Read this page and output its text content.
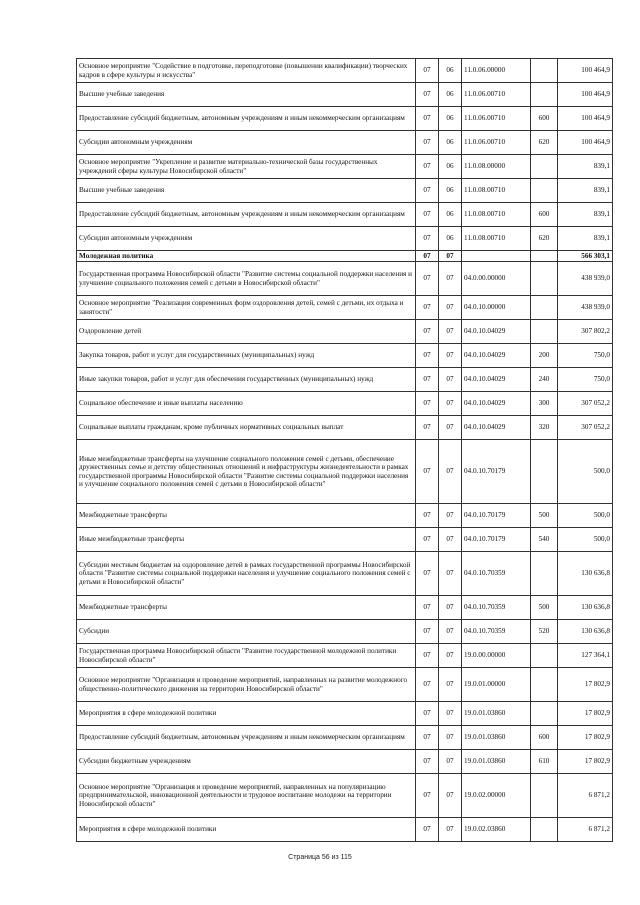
Основное мероприятие "Содействие в подготовке, переподготовке (повышении квалификации) творческих кадров в сфере культуры и искусства"	07	06	11.0.06.00000		100 464,9
Высшие учебные заведения	07	06	11.0.06.00710		100 464,9
Предоставление субсидий бюджетным, автономным учреждениям и иным некоммерческим организациям	07	06	11.0.06.00710	600	100 464,9
Субсидии автономным учреждениям	07	06	11.0.06.00710	620	100 464,9
Основное мероприятие "Укрепление и развитие материально-технической базы государственных учреждений сферы культуры Новосибирской области"	07	06	11.0.08.00000		839,1
Высшие учебные заведения	07	06	11.0.08.00710		839,1
Предоставление субсидий бюджетным, автономным учреждениям и иным некоммерческим организациям	07	06	11.0.08.00710	600	839,1
Субсидии автономным учреждениям	07	06	11.0.08.00710	620	839,1
Молодежная политика	07	07			566 303,1
Государственная программа Новосибирской области "Развитие системы социальной поддержки населения и улучшение социального положения семей с детьми в Новосибирской области"	07	07	04.0.00.00000		438 939,0
Основное мероприятие "Реализация современных форм оздоровления детей, семей с детьми, их отдыха и занятости"	07	07	04.0.10.00000		438 939,0
Оздоровление детей	07	07	04.0.10.04029		307 802,2
Закупка товаров, работ и услуг для государственных (муниципальных) нужд	07	07	04.0.10.04029	200	750,0
Иные закупки товаров, работ и услуг для обеспечения государственных (муниципальных) нужд	07	07	04.0.10.04029	240	750,0
Социальное обеспечение и иные выплаты населению	07	07	04.0.10.04029	300	307 052,2
Социальные выплаты гражданам, кроме публичных нормативных социальных выплат	07	07	04.0.10.04029	320	307 052,2
Иные межбюджетные трансферты на улучшение социального положения семей с детьми, обеспечение дружественных семье и детству общественных отношений и инфраструктуры жизнедеятельности в рамках государственной программы Новосибирской области "Развитие системы социальной поддержки населения и улучшение социального положения семей с детьми в Новосибирской области"	07	07	04.0.10.70179		500,0
Межбюджетные трансферты	07	07	04.0.10.70179	500	500,0
Иные межбюджетные трансферты	07	07	04.0.10.70179	540	500,0
Субсидии местным бюджетам на оздоровление детей в рамках государственной программы Новосибирской области "Развитие системы социальной поддержки населения и улучшение социального положения семей с детьми в Новосибирской области"	07	07	04.0.10.70359		130 636,8
Межбюджетные трансферты	07	07	04.0.10.70359	500	130 636,8
Субсидии	07	07	04.0.10.70359	520	130 636,8
Государственная программа Новосибирской области "Развитие государственной молодежной политики Новосибирской области"	07	07	19.0.00.00000		127 364,1
Основное мероприятие "Организация и проведение мероприятий, направленных на развитие молодежного общественно-политического движения на территории Новосибирской области"	07	07	19.0.01.00000		17 802,9
Мероприятия в сфере молодежной политики	07	07	19.0.01.03860		17 802,9
Предоставление субсидий бюджетным, автономным учреждениям и иным некоммерческим организациям	07	07	19.0.01.03860	600	17 802,9
Субсидии бюджетным учреждениям	07	07	19.0.01.03860	610	17 802,9
Основное мероприятие "Организация и проведение мероприятий, направленных на популяризацию предпринимательской, инновационной деятельности и трудовое воспитание молодежи на территории Новосибирской области"	07	07	19.0.02.00000		6 871,2
Мероприятия в сфере молодежной политики	07	07	19.0.02.03860		6 871,2
Страница 56 из 115
